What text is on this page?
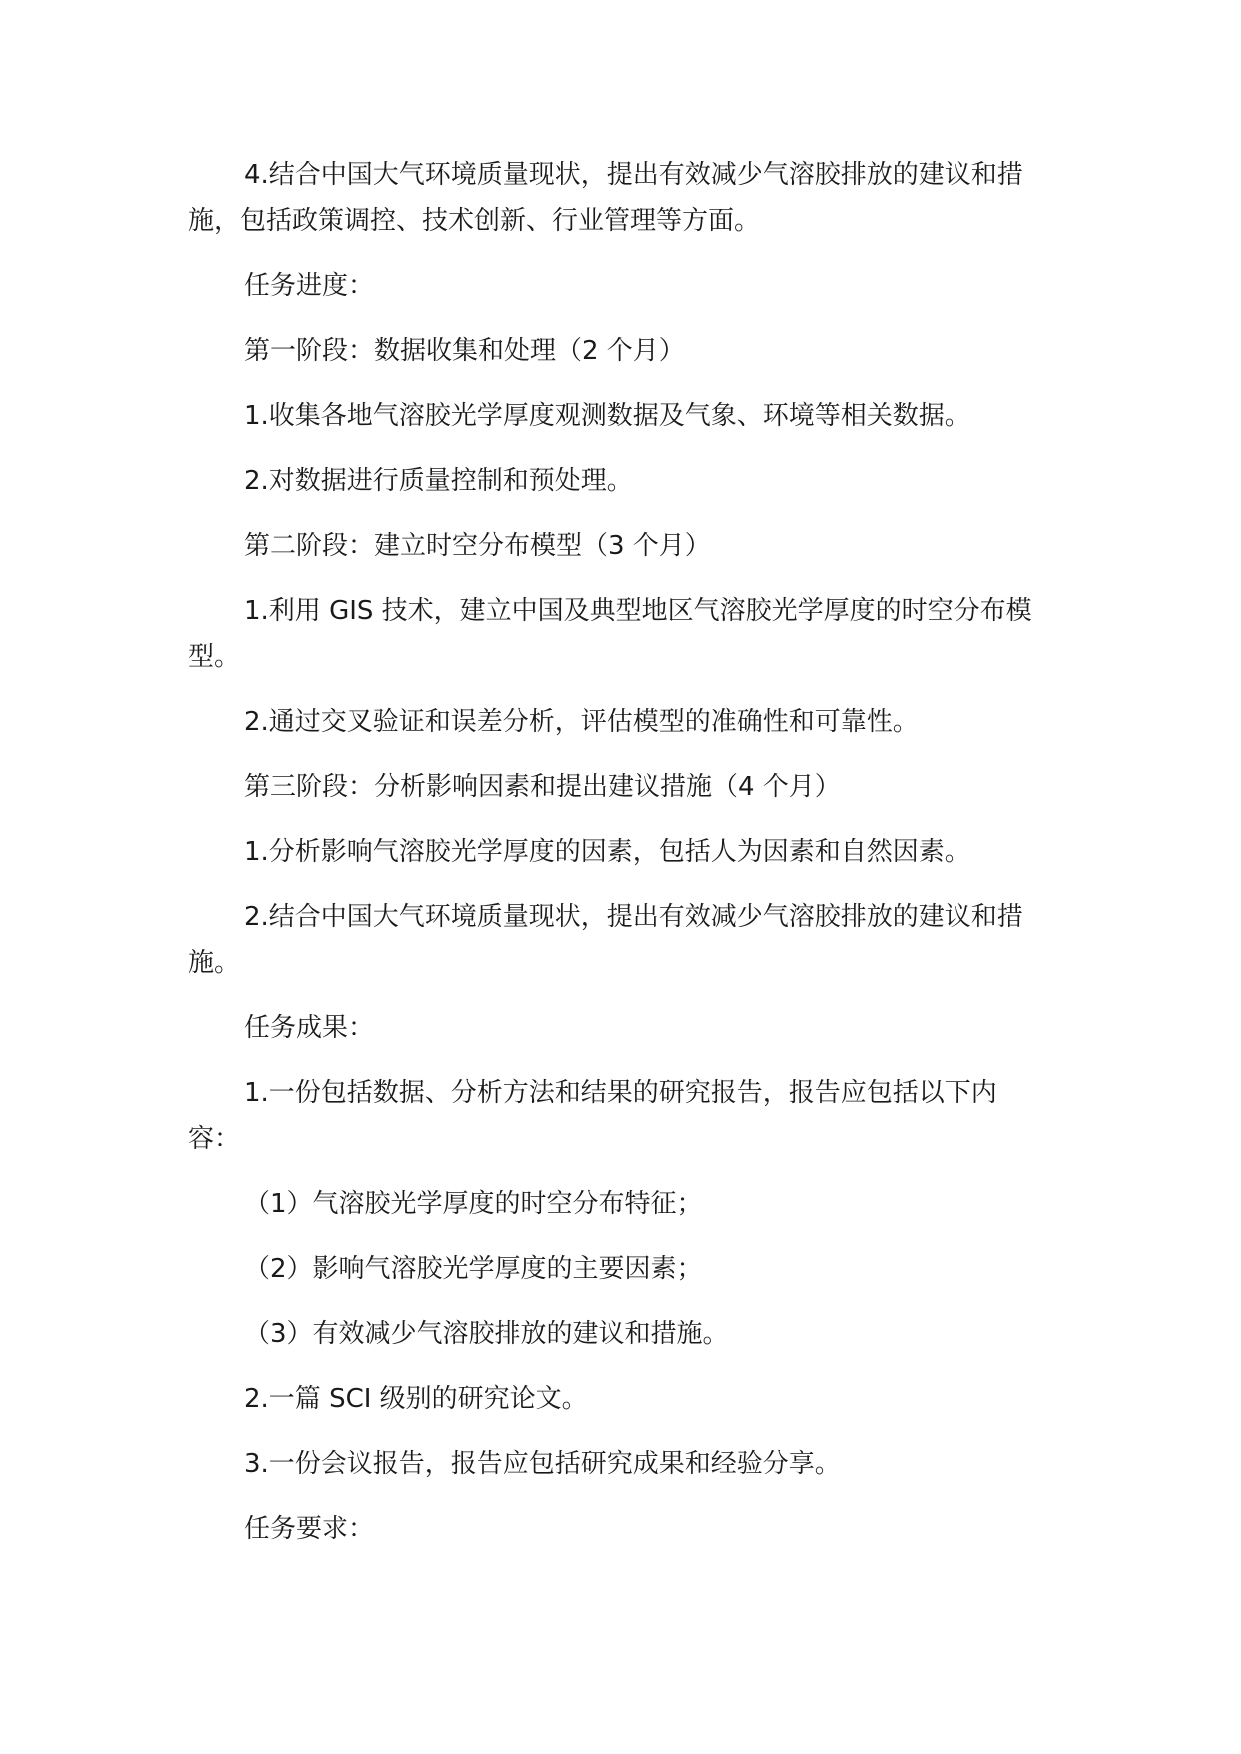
4.结合中国大气环境质量现状，提出有效减少气溶胶排放的建议和措施，包括政策调控、技术创新、行业管理等方面。

任务进度：

第一阶段：数据收集和处理（2 个月）

1.收集各地气溶胶光学厚度观测数据及气象、环境等相关数据。

2.对数据进行质量控制和预处理。

第二阶段：建立时空分布模型（3 个月）

1.利用 GIS 技术，建立中国及典型地区气溶胶光学厚度的时空分布模型。

2.通过交叉验证和误差分析，评估模型的准确性和可靠性。

第三阶段：分析影响因素和提出建议措施（4 个月）

1.分析影响气溶胶光学厚度的因素，包括人为因素和自然因素。

2.结合中国大气环境质量现状，提出有效减少气溶胶排放的建议和措施。

任务成果：

1.一份包括数据、分析方法和结果的研究报告，报告应包括以下内容：

（1）气溶胶光学厚度的时空分布特征；

（2）影响气溶胶光学厚度的主要因素；

（3）有效减少气溶胶排放的建议和措施。

2.一篇 SCI 级别的研究论文。

3.一份会议报告，报告应包括研究成果和经验分享。

任务要求：
